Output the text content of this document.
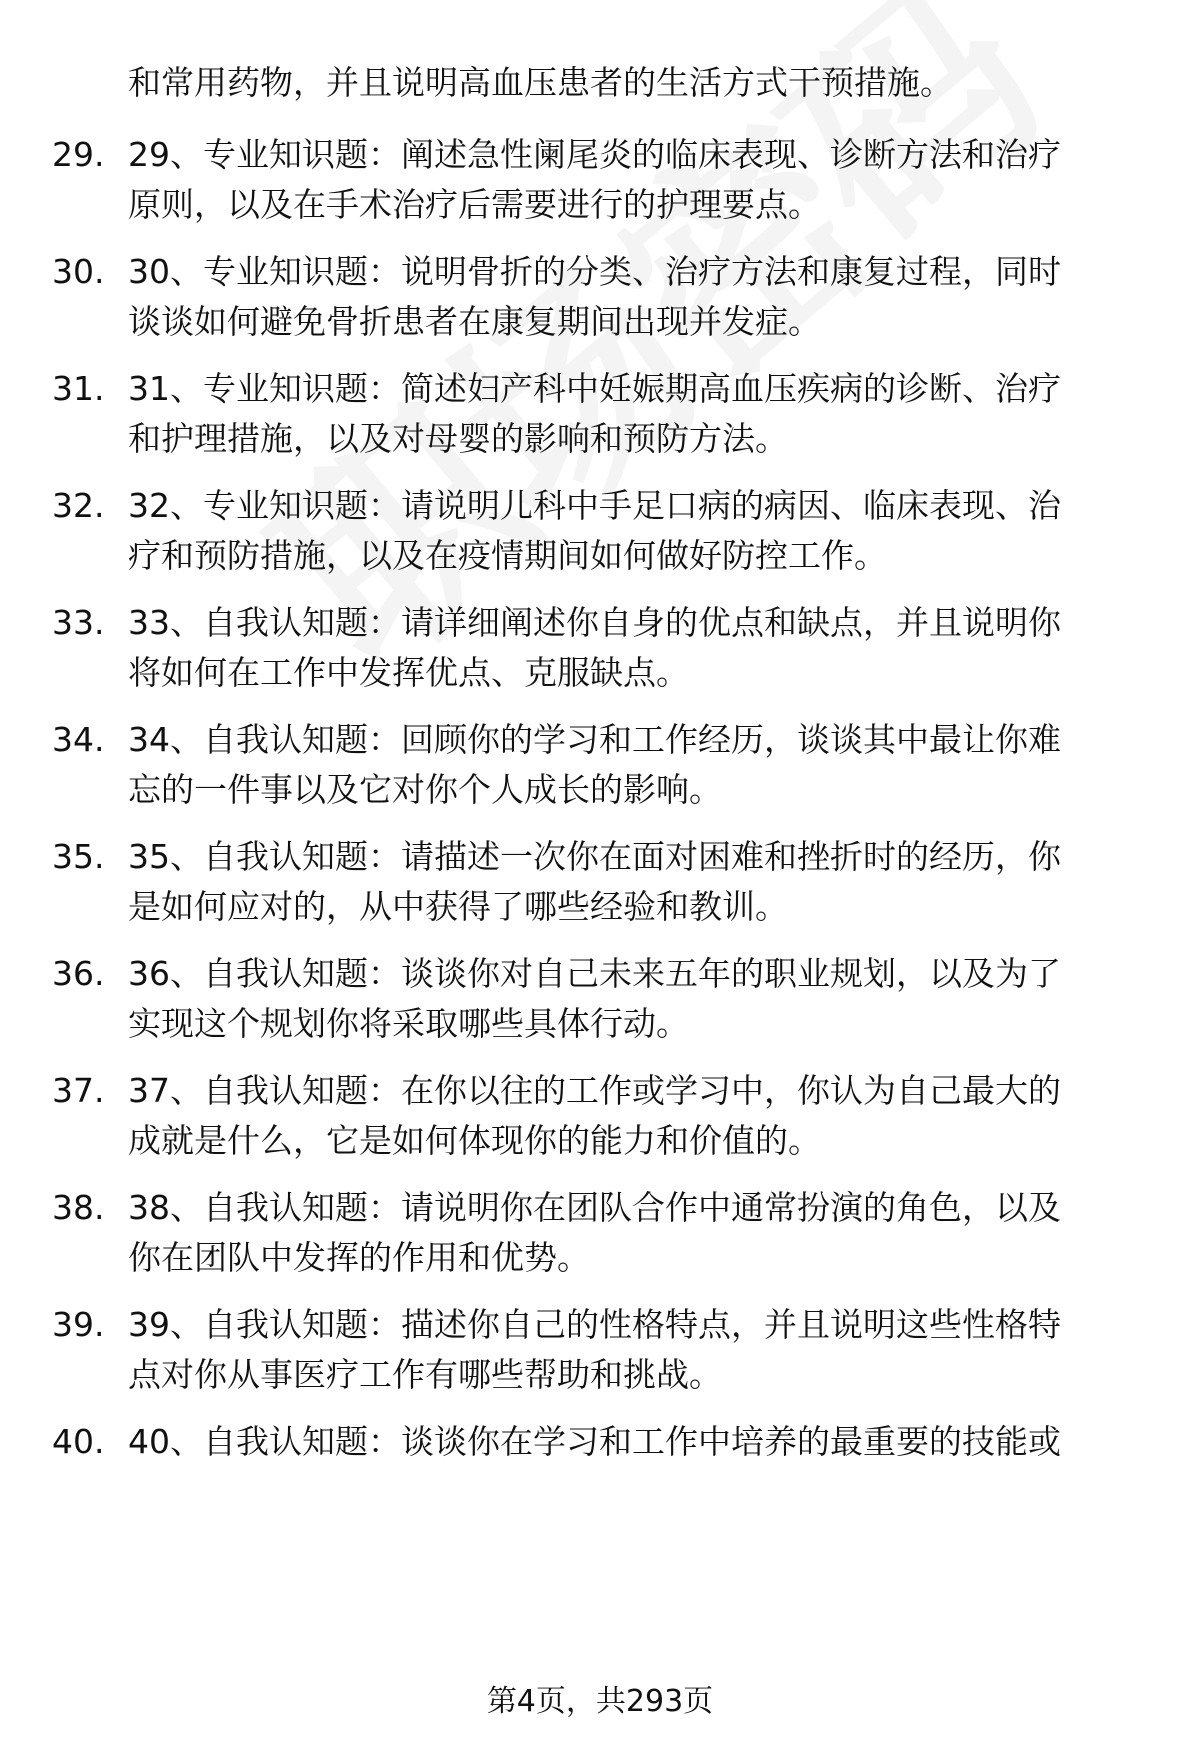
和常用药物，并且说明高血压患者的生活方式干预措施。
29. 29、专业知识题：阐述急性阑尾炎的临床表现、诊断方法和治疗
原则，以及在手术治疗后需要进行的护理要点。
30. 30、专业知识题：说明骨折的分类、治疗方法和康复过程，同时
谈谈如何避免骨折患者在康复期间出现并发症。
31. 31、专业知识题：简述妇产科中妊娠期高血压疾病的诊断、治疗
和护理措施，以及对母婴的影响和预防方法。
32. 32、专业知识题：请说明儿科中手足口病的病因、临床表现、治
疗和预防措施，以及在疫情期间如何做好防控工作。
33. 33、自我认知题：请详细阐述你自身的优点和缺点，并且说明你
将如何在工作中发挥优点、克服缺点。
34. 34、自我认知题：回顾你的学习和工作经历，谈谈其中最让你难
忘的一件事以及它对你个人成长的影响。
35. 35、自我认知题：请描述一次你在面对困难和挫折时的经历，你
是如何应对的，从中获得了哪些经验和教训。
36. 36、自我认知题：谈谈你对自己未来五年的职业规划，以及为了
实现这个规划你将采取哪些具体行动。
37. 37、自我认知题：在你以往的工作或学习中，你认为自己最大的
成就是什么，它是如何体现你的能力和价值的。
38. 38、自我认知题：请说明你在团队合作中通常扮演的角色，以及
你在团队中发挥的作用和优势。
39. 39、自我认知题：描述你自己的性格特点，并且说明这些性格特
点对你从事医疗工作有哪些帮助和挑战。
40. 40、自我认知题：谈谈你在学习和工作中培养的最重要的技能或
第4页，共293页
